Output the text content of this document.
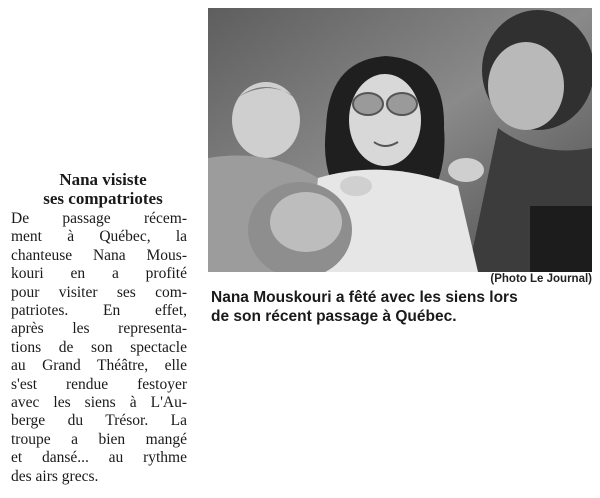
Nana visiste
ses compatriotes
De passage récem-
ment à Québec, la
chanteuse Nana Mous-
kouri en a profité
pour visiter ses com-
patriotes. En effet,
après les representa-
tions de son spectacle
au Grand Théâtre, elle
s'est rendue festoyer
avec les siens à L'Au-
berge du Trésor. La
troupe a bien mangé
et dansé... au rythme
des airs grecs.
(Photo Le Journal)
Nana Mouskouri a fêté avec les siens lors
de son récent passage à Québec.
